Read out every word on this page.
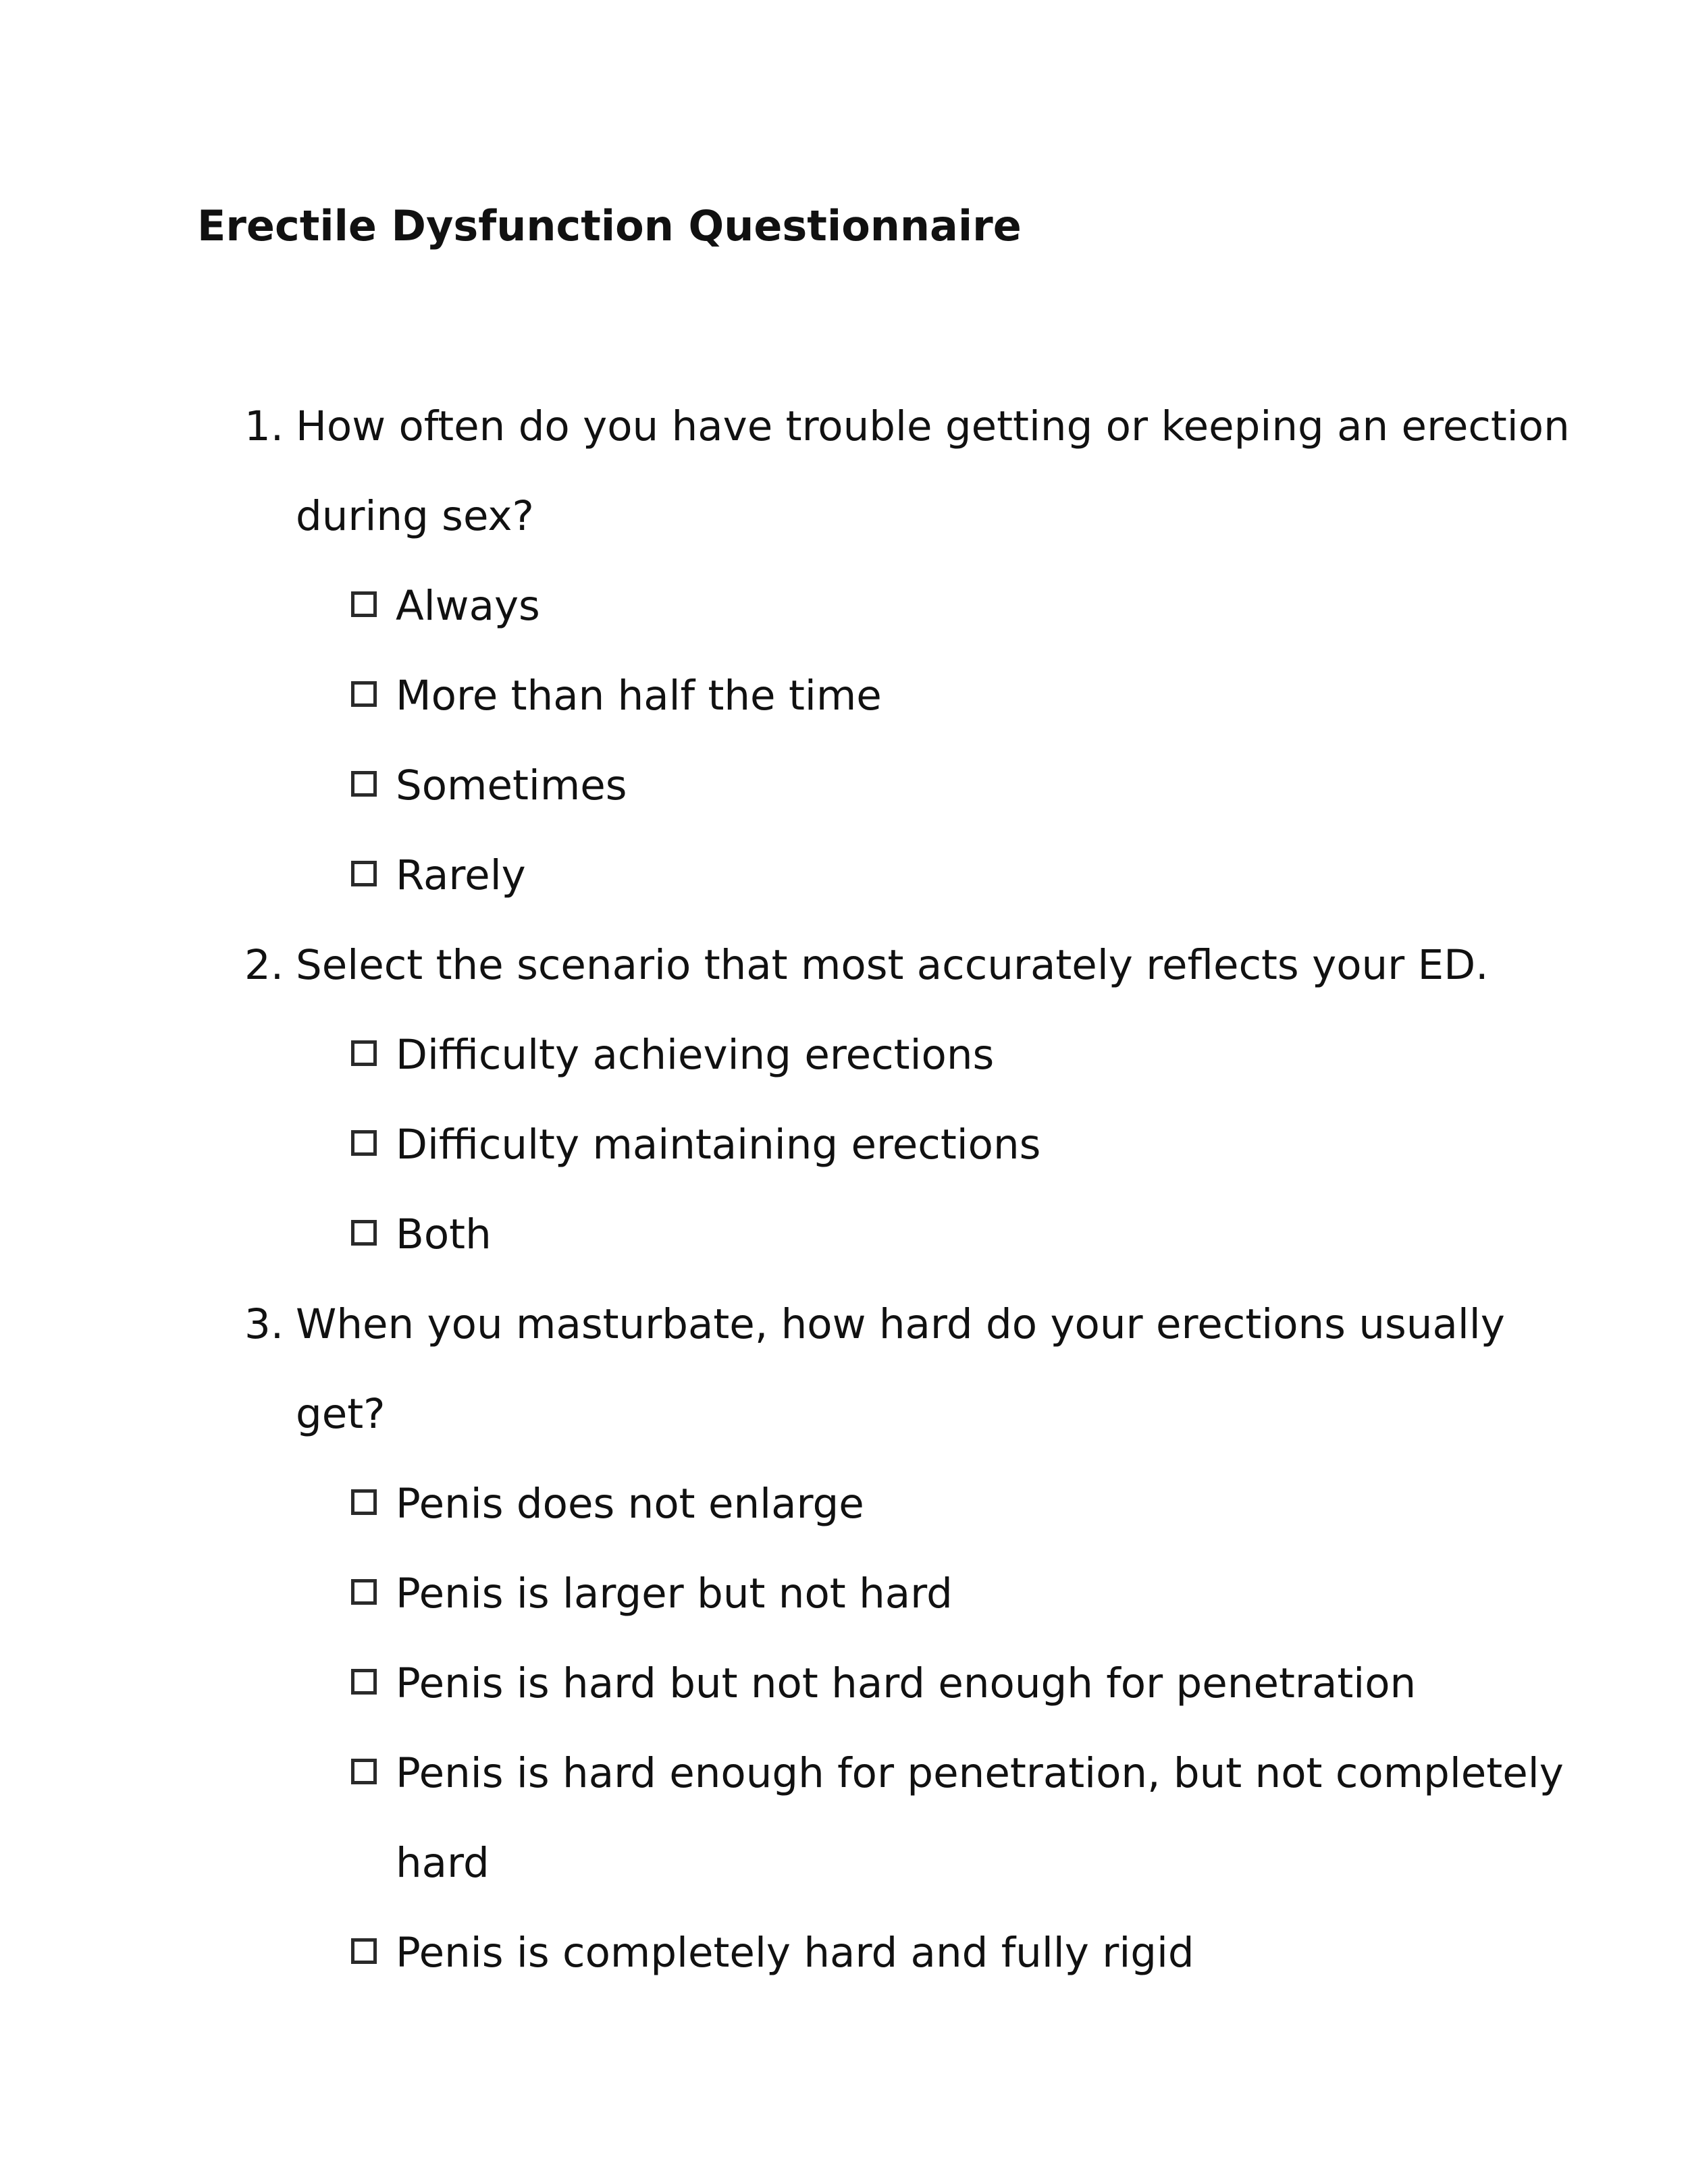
Erectile Dysfunction Questionnaire
1. How often do you have trouble getting or keeping an erection
during sex?
Always
More than half the time
Sometimes
Rarely
2. Select the scenario that most accurately reflects your ED.
Difficulty achieving erections
Difficulty maintaining erections
Both
3. When you masturbate, how hard do your erections usually
get?
Penis does not enlarge
Penis is larger but not hard
Penis is hard but not hard enough for penetration
Penis is hard enough for penetration, but not completely
hard
Penis is completely hard and fully rigid
